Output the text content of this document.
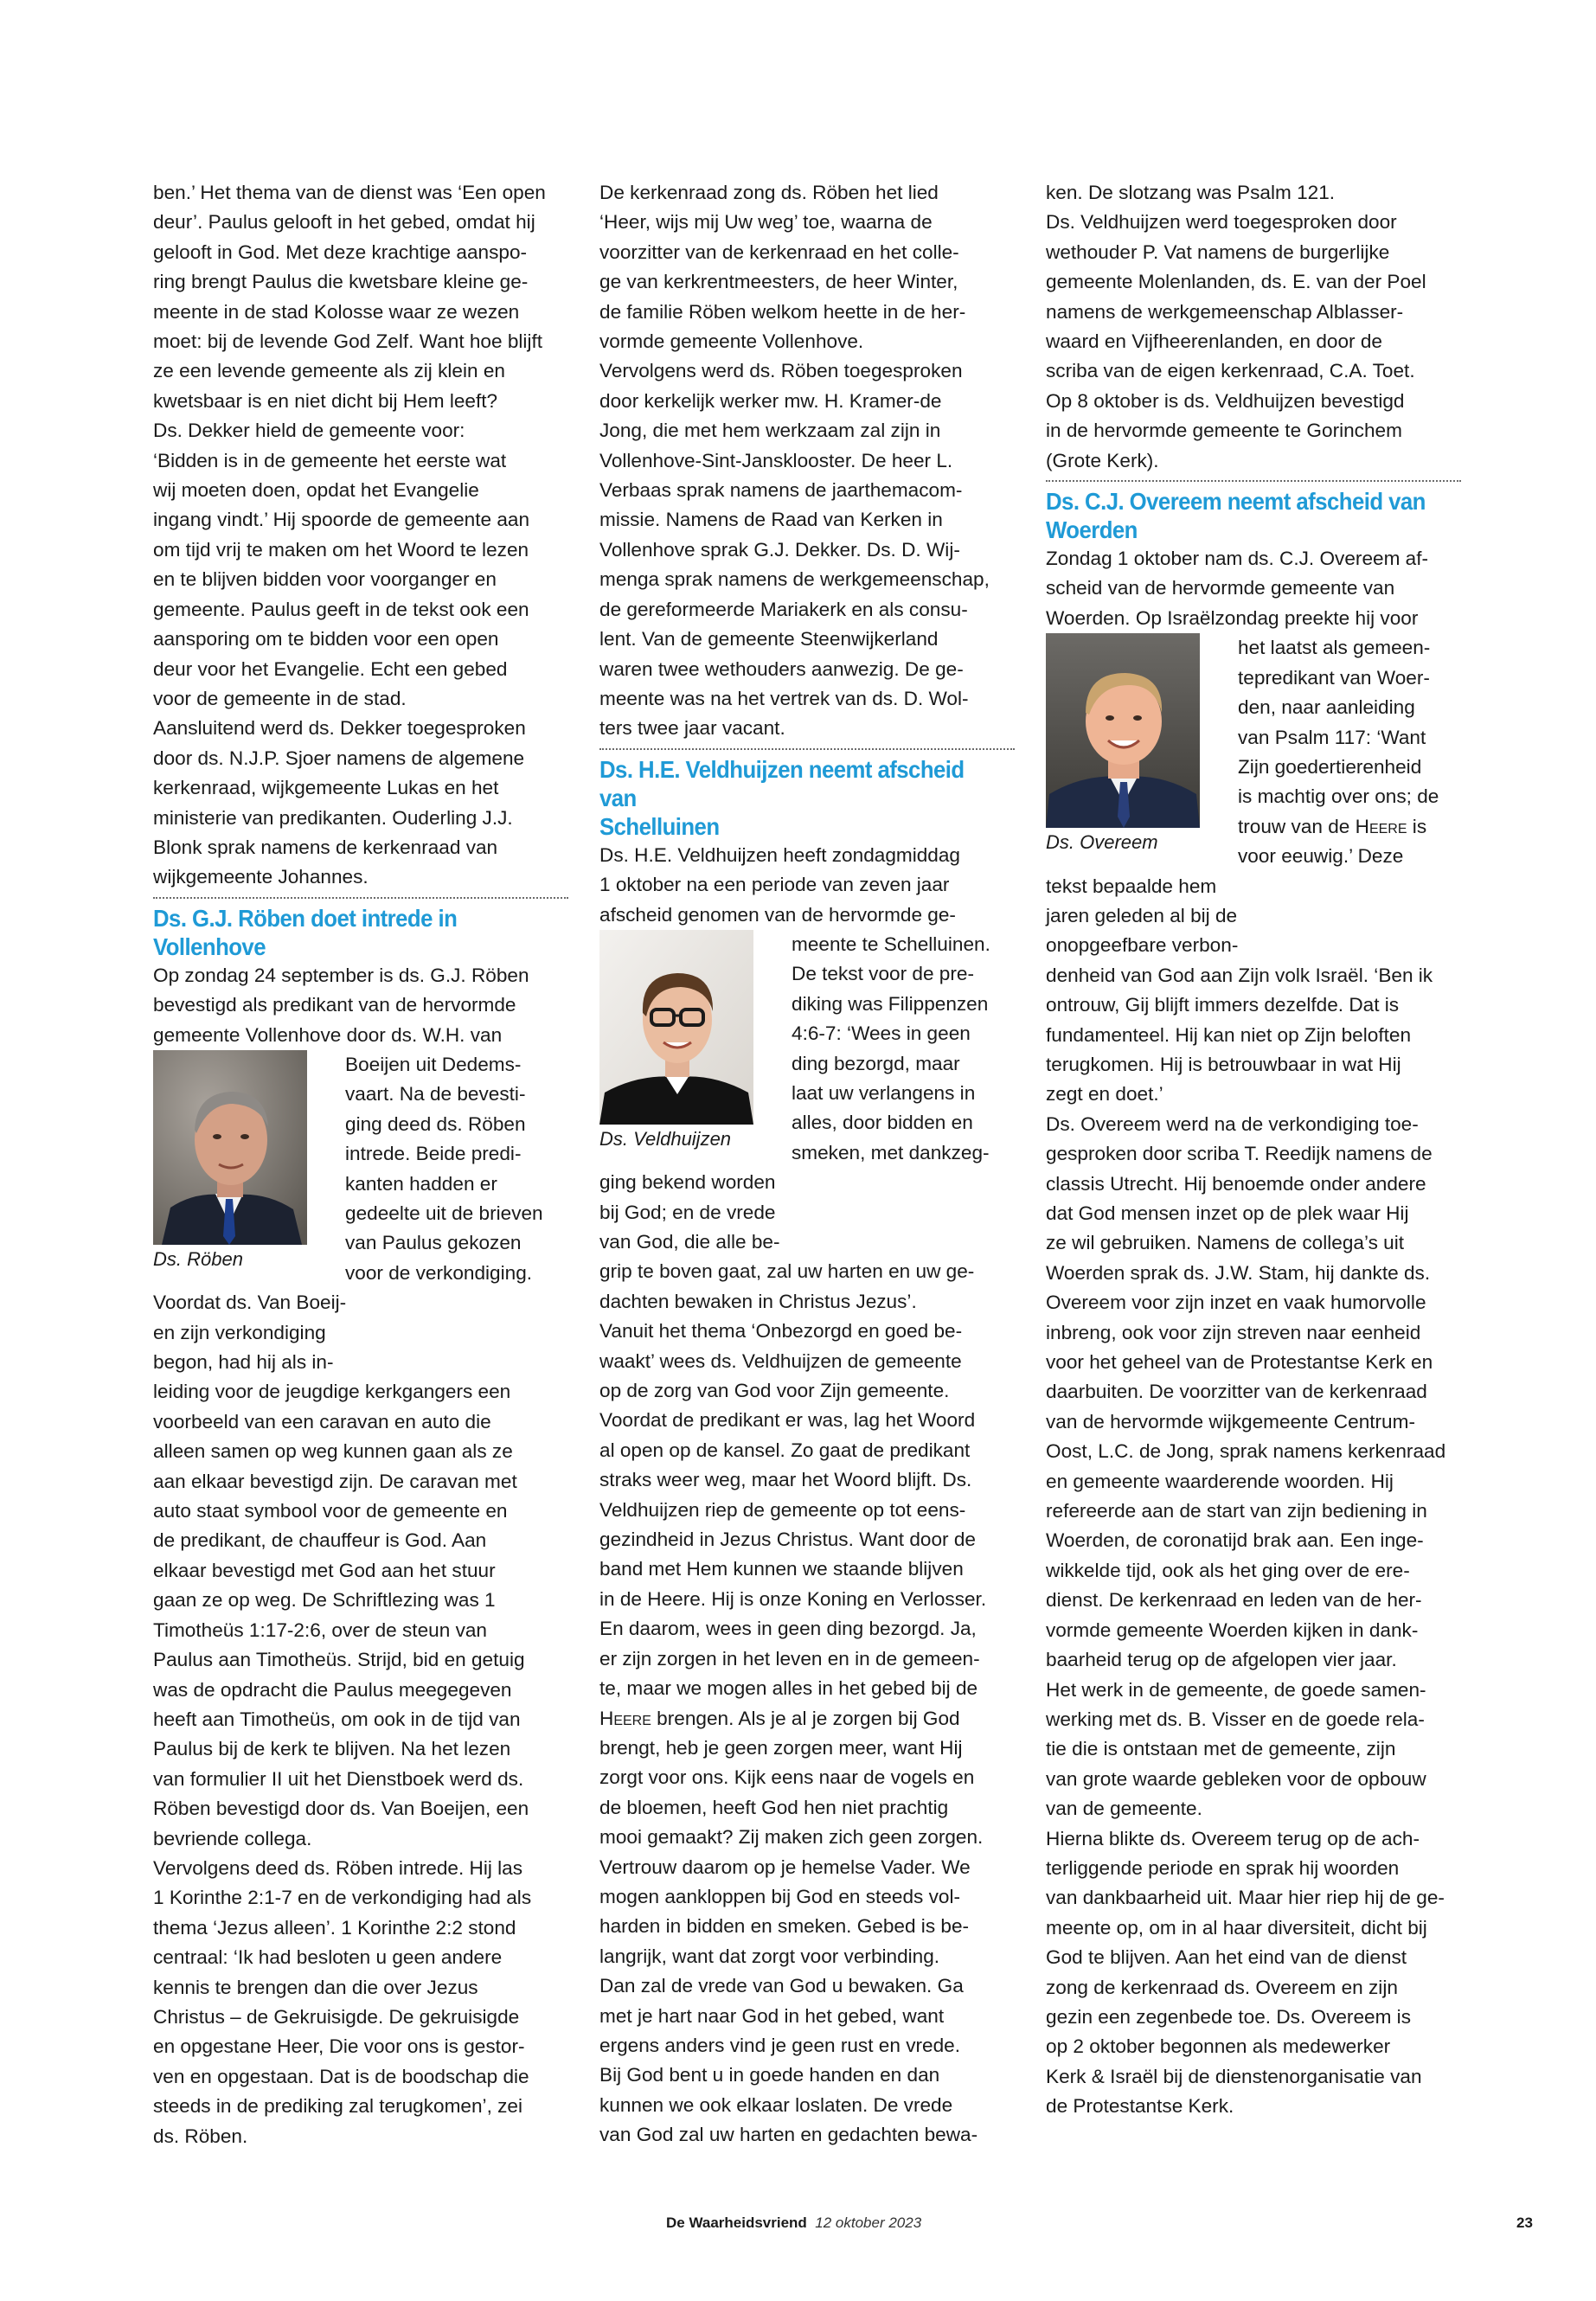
ben.’ Het thema van de dienst was ‘Een open
deur’. Paulus gelooft in het gebed, omdat hij
gelooft in God. Met deze krachtige aanspo-
ring brengt Paulus die kwetsbare kleine ge-
meente in de stad Kolosse waar ze wezen
moet: bij de levende God Zelf. Want hoe blijft
ze een levende gemeente als zij klein en
kwetsbaar is en niet dicht bij Hem leeft?
Ds. Dekker hield de gemeente voor:
‘Bidden is in de gemeente het eerste wat
wij moeten doen, opdat het Evangelie
ingang vindt.’ Hij spoorde de gemeente aan
om tijd vrij te maken om het Woord te lezen
en te blijven bidden voor voorganger en
gemeente. Paulus geeft in de tekst ook een
aansporing om te bidden voor een open
deur voor het Evangelie. Echt een gebed
voor de gemeente in de stad.
Aansluitend werd ds. Dekker toegesproken
door ds. N.J.P. Sjoer namens de algemene
kerkenraad, wijkgemeente Lukas en het
ministerie van predikanten. Ouderling J.J.
Blonk sprak namens de kerkenraad van
wijkgemeente Johannes.

Ds. G.J. Röben doet intrede in Vollenhove

Op zondag 24 september is ds. G.J. Röben
bevestigd als predikant van de hervormde
gemeente Vollenhove door ds. W.H. van

Ds. Röben

Boeijen uit Dedems-
vaart. Na de bevesti-
ging deed ds. Röben
intrede. Beide predi-
kanten hadden er
gedeelte uit de brieven
van Paulus gekozen
voor de verkondiging.
Voordat ds. Van Boeij-
en zijn verkondiging
begon, had hij als in-

leiding voor de jeugdige kerkgangers een
voorbeeld van een caravan en auto die
alleen samen op weg kunnen gaan als ze
aan elkaar bevestigd zijn. De caravan met
auto staat symbool voor de gemeente en
de predikant, de chauffeur is God. Aan
elkaar bevestigd met God aan het stuur
gaan ze op weg. De Schriftlezing was 1
Timotheüs 1:17-2:6, over de steun van
Paulus aan Timotheüs. Strijd, bid en getuig
was de opdracht die Paulus meegegeven
heeft aan Timotheüs, om ook in de tijd van
Paulus bij de kerk te blijven. Na het lezen
van formulier II uit het Dienstboek werd ds.
Röben bevestigd door ds. Van Boeijen, een
bevriende collega.
Vervolgens deed ds. Röben intrede. Hij las
1 Korinthe 2:1-7 en de verkondiging had als
thema ‘Jezus alleen’. 1 Korinthe 2:2 stond
centraal: ‘Ik had besloten u geen andere
kennis te brengen dan die over Jezus
Christus – de Gekruisigde. De gekruisigde
en opgestane Heer, Die voor ons is gestor-
ven en opgestaan. Dat is de boodschap die
steeds in de prediking zal terugkomen’, zei
ds. Röben.

De kerkenraad zong ds. Röben het lied
‘Heer, wijs mij Uw weg’ toe, waarna de
voorzitter van de kerkenraad en het colle-
ge van kerkrentmeesters, de heer Winter,
de familie Röben welkom heette in de her-
vormde gemeente Vollenhove.
Vervolgens werd ds. Röben toegesproken
door kerkelijk werker mw. H. Kramer-de
Jong, die met hem werkzaam zal zijn in
Vollenhove-Sint-Jansklooster. De heer L.
Verbaas sprak namens de jaarthemacom-
missie. Namens de Raad van Kerken in
Vollenhove sprak G.J. Dekker. Ds. D. Wij-
menga sprak namens de werkgemeenschap,
de gereformeerde Mariakerk en als consu-
lent. Van de gemeente Steenwijkerland
waren twee wethouders aanwezig. De ge-
meente was na het vertrek van ds. D. Wol-
ters twee jaar vacant.

Ds. H.E. Veldhuijzen neemt afscheid van
Schelluinen

Ds. H.E. Veldhuijzen heeft zondagmiddag
1 oktober na een periode van zeven jaar
afscheid genomen van de hervormde ge-

Ds. Veldhuijzen

meente te Schelluinen.
De tekst voor de pre-
diking was Filippenzen
4:6-7: ‘Wees in geen
ding bezorgd, maar
laat uw verlangens in
alles, door bidden en
smeken, met dankzeg-
ging bekend worden
bij God; en de vrede
van God, die alle be-

grip te boven gaat, zal uw harten en uw ge-
dachten bewaken in Christus Jezus’.
Vanuit het thema ‘Onbezorgd en goed be-
waakt’ wees ds. Veldhuijzen de gemeente
op de zorg van God voor Zijn gemeente.
Voordat de predikant er was, lag het Woord
al open op de kansel. Zo gaat de predikant
straks weer weg, maar het Woord blijft. Ds.
Veldhuijzen riep de gemeente op tot eens-
gezindheid in Jezus Christus. Want door de
band met Hem kunnen we staande blijven
in de Heere. Hij is onze Koning en Verlosser.
En daarom, wees in geen ding bezorgd. Ja,
er zijn zorgen in het leven en in de gemeen-
te, maar we mogen alles in het gebed bij de
Heere brengen. Als je al je zorgen bij God
brengt, heb je geen zorgen meer, want Hij
zorgt voor ons. Kijk eens naar de vogels en
de bloemen, heeft God hen niet prachtig
mooi gemaakt? Zij maken zich geen zorgen.
Vertrouw daarom op je hemelse Vader. We
mogen aankloppen bij God en steeds vol-
harden in bidden en smeken. Gebed is be-
langrijk, want dat zorgt voor verbinding.
Dan zal de vrede van God u bewaken. Ga
met je hart naar God in het gebed, want
ergens anders vind je geen rust en vrede.
Bij God bent u in goede handen en dan
kunnen we ook elkaar loslaten. De vrede
van God zal uw harten en gedachten bewa-

ken. De slotzang was Psalm 121.
Ds. Veldhuijzen werd toegesproken door
wethouder P. Vat namens de burgerlijke
gemeente Molenlanden, ds. E. van der Poel
namens de werkgemeenschap Alblasser-
waard en Vijfheerenlanden, en door de
scriba van de eigen kerkenraad, C.A. Toet.
Op 8 oktober is ds. Veldhuijzen bevestigd
in de hervormde gemeente te Gorinchem
(Grote Kerk).

Ds. C.J. Overeem neemt afscheid van
Woerden

Zondag 1 oktober nam ds. C.J. Overeem af-
scheid van de hervormde gemeente van
Woerden. Op Israëlzondag preekte hij voor

Ds. Overeem

het laatst als gemeen-
tepredikant van Woer-
den, naar aanleiding
van Psalm 117: ‘Want
Zijn goedertierenheid
is machtig over ons; de
trouw van de Heere is
voor eeuwig.’ Deze
tekst bepaalde hem
jaren geleden al bij de
onopgeefbare verbon-

denheid van God aan Zijn volk Israël. ‘Ben ik
ontrouw, Gij blijft immers dezelfde. Dat is
fundamenteel. Hij kan niet op Zijn beloften
terugkomen. Hij is betrouwbaar in wat Hij
zegt en doet.’
Ds. Overeem werd na de verkondiging toe-
gesproken door scriba T. Reedijk namens de
classis Utrecht. Hij benoemde onder andere
dat God mensen inzet op de plek waar Hij
ze wil gebruiken. Namens de collega’s uit
Woerden sprak ds. J.W. Stam, hij dankte ds.
Overeem voor zijn inzet en vaak humorvolle
inbreng, ook voor zijn streven naar eenheid
voor het geheel van de Protestantse Kerk en
daarbuiten. De voorzitter van de kerkenraad
van de hervormde wijkgemeente Centrum-
Oost, L.C. de Jong, sprak namens kerkenraad
en gemeente waarderende woorden. Hij
refereerde aan de start van zijn bediening in
Woerden, de coronatijd brak aan. Een inge-
wikkelde tijd, ook als het ging over de ere-
dienst. De kerkenraad en leden van de her-
vormde gemeente Woerden kijken in dank-
baarheid terug op de afgelopen vier jaar.
Het werk in de gemeente, de goede samen-
werking met ds. B. Visser en de goede rela-
tie die is ontstaan met de gemeente, zijn
van grote waarde gebleken voor de opbouw
van de gemeente.
Hierna blikte ds. Overeem terug op de ach-
terliggende periode en sprak hij woorden
van dankbaarheid uit. Maar hier riep hij de ge-
meente op, om in al haar diversiteit, dicht bij
God te blijven. Aan het eind van de dienst
zong de kerkenraad ds. Overeem en zijn
gezin een zegenbede toe. Ds. Overeem is
op 2 oktober begonnen als medewerker
Kerk & Israël bij de dienstenorganisatie van
de Protestantse Kerk.

De Waarheidsvriend 12 oktober 2023	23
